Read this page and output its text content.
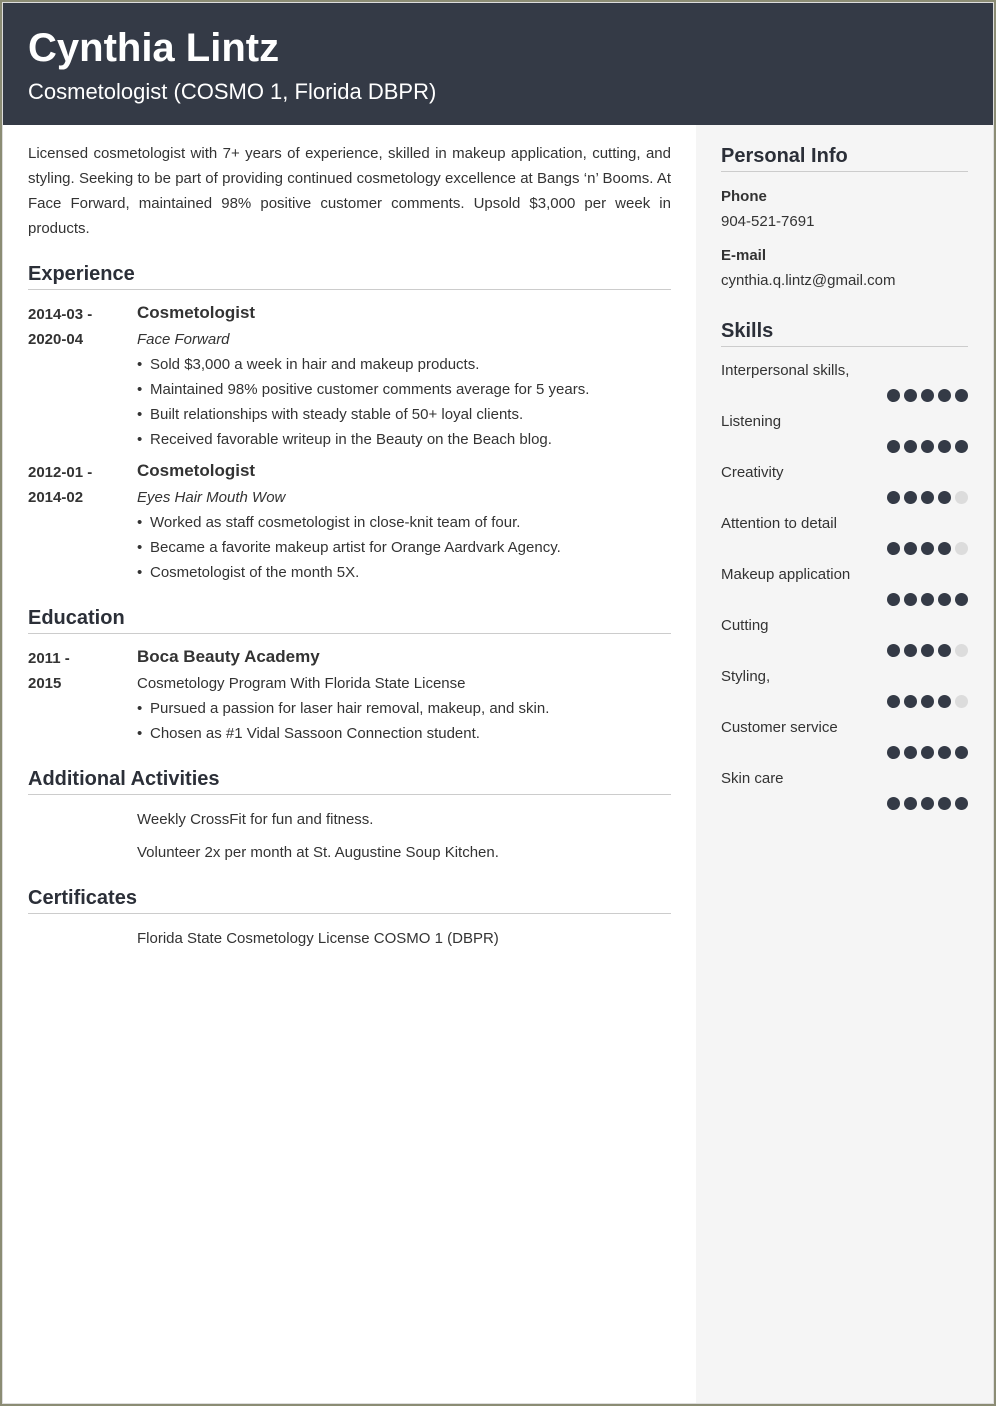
Cynthia Lintz
Cosmetologist (COSMO 1, Florida DBPR)

Licensed cosmetologist with 7+ years of experience, skilled in makeup application, cutting, and styling. Seeking to be part of providing continued cosmetology excellence at Bangs ‘n’ Booms. At Face Forward, maintained 98% positive customer comments. Upsold $3,000 per week in products.

Experience
2014-03 -
2020-04
Cosmetologist
Face Forward
• Sold $3,000 a week in hair and makeup products.
• Maintained 98% positive customer comments average for 5 years.
• Built relationships with steady stable of 50+ loyal clients.
• Received favorable writeup in the Beauty on the Beach blog.
2012-01 -
2014-02
Cosmetologist
Eyes Hair Mouth Wow
• Worked as staff cosmetologist in close-knit team of four.
• Became a favorite makeup artist for Orange Aardvark Agency.
• Cosmetologist of the month 5X.
Education
2011 -
2015
Boca Beauty Academy
Cosmetology Program With Florida State License
• Pursued a passion for laser hair removal, makeup, and skin.
• Chosen as #1 Vidal Sassoon Connection student.
Additional Activities
Weekly CrossFit for fun and fitness.
Volunteer 2x per month at St. Augustine Soup Kitchen.
Certificates
Florida State Cosmetology License COSMO 1 (DBPR)
Personal Info
Phone
904-521-7691
E-mail
cynthia.q.lintz@gmail.com
Skills
Interpersonal skills,
Listening
Creativity
Attention to detail
Makeup application
Cutting
Styling,
Customer service
Skin care
